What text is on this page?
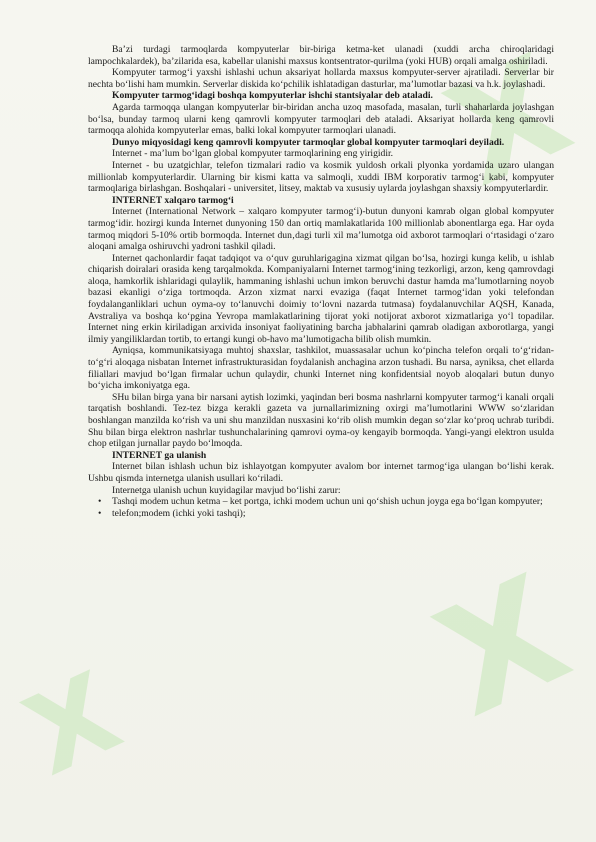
X
X
X

Ba’zi turdagi tarmoqlarda kompyuterlar bir-biriga ketma-ket ulanadi (xuddi archa chiroqlaridagi lampochkalardek), ba’zilarida esa, kabellar ulanishi maxsus kontsentrator-qurilma (yoki HUB) orqali amalga oshiriladi.

Kompyuter tarmog‘i yaxshi ishlashi uchun aksariyat hollarda maxsus kompyuter-server ajratiladi. Serverlar bir nechta bo‘lishi ham mumkin. Serverlar diskida ko‘pchilik ishlatadigan dasturlar, ma’lumotlar bazasi va h.k. joylashadi.

Kompyuter tarmog‘idagi boshqa kompyuterlar ishchi stantsiyalar deb ataladi.

Agarda tarmoqqa ulangan kompyuterlar bir-biridan ancha uzoq masofada, masalan, turli shaharlarda joylashgan bo‘lsa, bunday tarmoq ularni keng qamrovli kompyuter tarmoqlari deb ataladi. Aksariyat hollarda keng qamrovli tarmoqqa alohida kompyuterlar emas, balki lokal kompyuter tarmoqlari ulanadi.

Dunyo miqyosidagi keng qamrovli kompyuter tarmoqlar global kompyuter tarmoqlari deyiladi.

Internet - ma’lum bo‘lgan global kompyuter tarmoqlarining eng yirigidir.

Internet - bu uzatgichlar, telefon tizmalari radio va kosmik yuldosh orkali plyonka yordamida uzaro ulangan millionlab kompyuterlardir. Ularning bir kismi katta va salmoqli, xuddi IBM korporativ tarmog‘i kabi, kompyuter tarmoqlariga birlashgan. Boshqalari - universitet, litsey, maktab va xususiy uylarda joylashgan shaxsiy kompyuterlardir.

INTERNET xalqaro tarmog‘i

Internet (International Network – xalqaro kompyuter tarmog‘i)-butun dunyoni kamrab olgan global kompyuter tarmog‘idir. hozirgi kunda Internet dunyoning 150 dan ortiq mamlakatlarida 100 millionlab abonentlarga ega. Har oyda tarmoq miqdori 5-10% ortib bormoqda. Internet dun‚dagi turli xil ma’lumotga oid axborot tarmoqlari o‘rtasidagi o‘zaro aloqani amalga oshiruvchi yadroni tashkil qiladi.

Internet qachonlardir faqat tadqiqot va o‘quv guruhlarigagina xizmat qilgan bo‘lsa, hozirgi kunga kelib, u ishlab chiqarish doiralari orasida keng tarqalmokda. Kompaniyalarni Internet tarmog‘ining tezkorligi, arzon, keng qamrovdagi aloqa, hamkorlik ishlaridagi qulaylik, hammaning ishlashi uchun imkon beruvchi dastur hamda ma’lumotlarning noyob bazasi ekanligi o‘ziga tortmoqda. Arzon xizmat narxi evaziga (faqat Internet tarmog‘idan yoki telefondan foydalanganliklari uchun oyma-oy to‘lanuvchi doimiy to‘lovni nazarda tutmasa) foydalanuvchilar AQSH, Kanada, Avstraliya va boshqa ko‘pgina Yevropa mamlakatlarining tijorat yoki notijorat axborot xizmatlariga yo‘l topadilar. Internet ning erkin kiriladigan arxivida insoniyat faoliyatining barcha jabhalarini qamrab oladigan axborotlarga, yangi ilmiy yangiliklardan tortib, to ertangi kungi ob-havo ma’lumotigacha bilib olish mumkin.

Ayniqsa, kommunikatsiyaga muhtoj shaxslar, tashkilot, muassasalar uchun ko‘pincha telefon orqali to‘g‘ridan-to‘g‘ri aloqaga nisbatan Internet infrastrukturasidan foydalanish anchagina arzon tushadi. Bu narsa, ayniksa, chet ellarda filiallari mavjud bo‘lgan firmalar uchun qulaydir, chunki Internet ning konfidentsial noyob aloqalari butun dunyo bo‘yicha imkoniyatga ega.

SHu bilan birga yana bir narsani aytish lozimki, yaqindan beri bosma nashrlarni kompyuter tarmog‘i kanali orqali tarqatish boshlandi. Tez-tez bizga kerakli gazeta va jurnallarimizning oxirgi ma’lumotlarini WWW so‘zlaridan boshlangan manzilda ko‘rish va uni shu manzildan nusxasini ko‘rib olish mumkin degan so‘zlar ko‘proq uchrab turibdi. Shu bilan birga elektron nashrlar tushunchalarining qamrovi oyma-oy kengayib bormoqda. Yangi-yangi elektron usulda chop etilgan jurnallar paydo bo‘lmoqda.

INTERNET ga ulanish

Internet bilan ishlash uchun biz ishlayotgan kompyuter avalom bor internet tarmog‘iga ulangan bo‘lishi kerak. Ushbu qismda internetga ulanish usullari ko‘riladi.

Internetga ulanish uchun kuyidagilar mavjud bo‘lishi zarur:

• Tashqi modem uchun ketma – ket portga, ichki modem uchun uni qo‘shish uchun joyga ega bo‘lgan kompyuter;
• telefon;modem (ichki yoki tashqi);
